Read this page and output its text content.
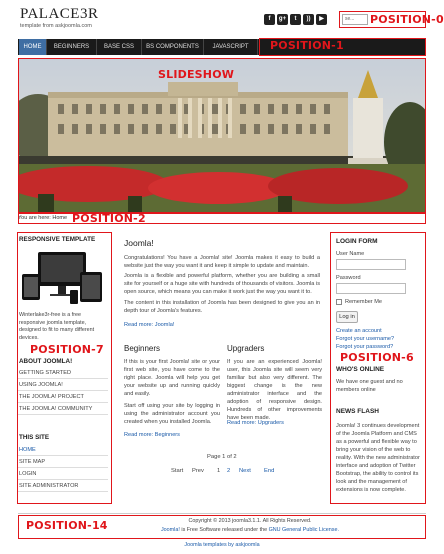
PALACE3R
template from askjoomla.com
f	g+	t	))	▶	se...	POSITION-0
HOME	BEGINNERS	BASE CSS	BS COMPONENTS	JAVASCRIPT	POSITION-1
SLIDESHOW
You are here: Home POSITION-2
RESPONSIVE TEMPLATE
Winterlake3r-free is a free responsive joomla template, designed to fit to many different devices.
POSITION-7
ABOUT JOOMLA!
GETTING STARTED
USING JOOMLA!
THE JOOMLA! PROJECT
THE JOOMLA! COMMUNITY
THIS SITE
HOME
SITE MAP
LOGIN
SITE ADMINISTRATOR
Joomla!
Congratulations! You have a Joomla! site! Joomla makes it easy to build a website just the way you want it and keep it simple to update and maintain.
Joomla is a flexible and powerful platform, whether you are building a small site for yourself or a huge site with hundreds of thousands of visitors. Joomla is open source, which means you can make it work just the way you want it to.
The content in this installation of Joomla has been designed to give you an in depth tour of Joomla's features.
Read more: Joomla!
Beginners
If this is your first Joomla! site or your first web site, you have come to the right place. Joomla will help you get your website up and running quickly and easily.
Start off using your site by logging in using the administrator account you created when you installed Joomla.
Read more: Beginners
Upgraders
If you are an experienced Joomla! user, this Joomla site will seem very familiar but also very different. The biggest change is the new administrator interface and the adoption of responsive design. Hundreds of other improvements have been made.
Read more: Upgraders
Page 1 of 2
Start Prev 1 2 Next End
LOGIN FORM
User Name
Password
Remember Me
Log in
Create an account
Forgot your username?
Forgot your password?
POSITION-6
WHO'S ONLINE
We have one guest and no members online
NEWS FLASH
Joomla! 3 continues development of the Joomla Platform and CMS as a powerful and flexible way to bring your vision of the web to reality. With the new administrator interface and adoption of Twitter Bootstrap, the ability to control its look and the management of extensions is now complete.
POSITION-14	Copyright © 2013 joomla3.1.1. All Rights Reserved.
Joomla! is Free Software released under the GNU General Public License.
Joomla templates by askjoomla
